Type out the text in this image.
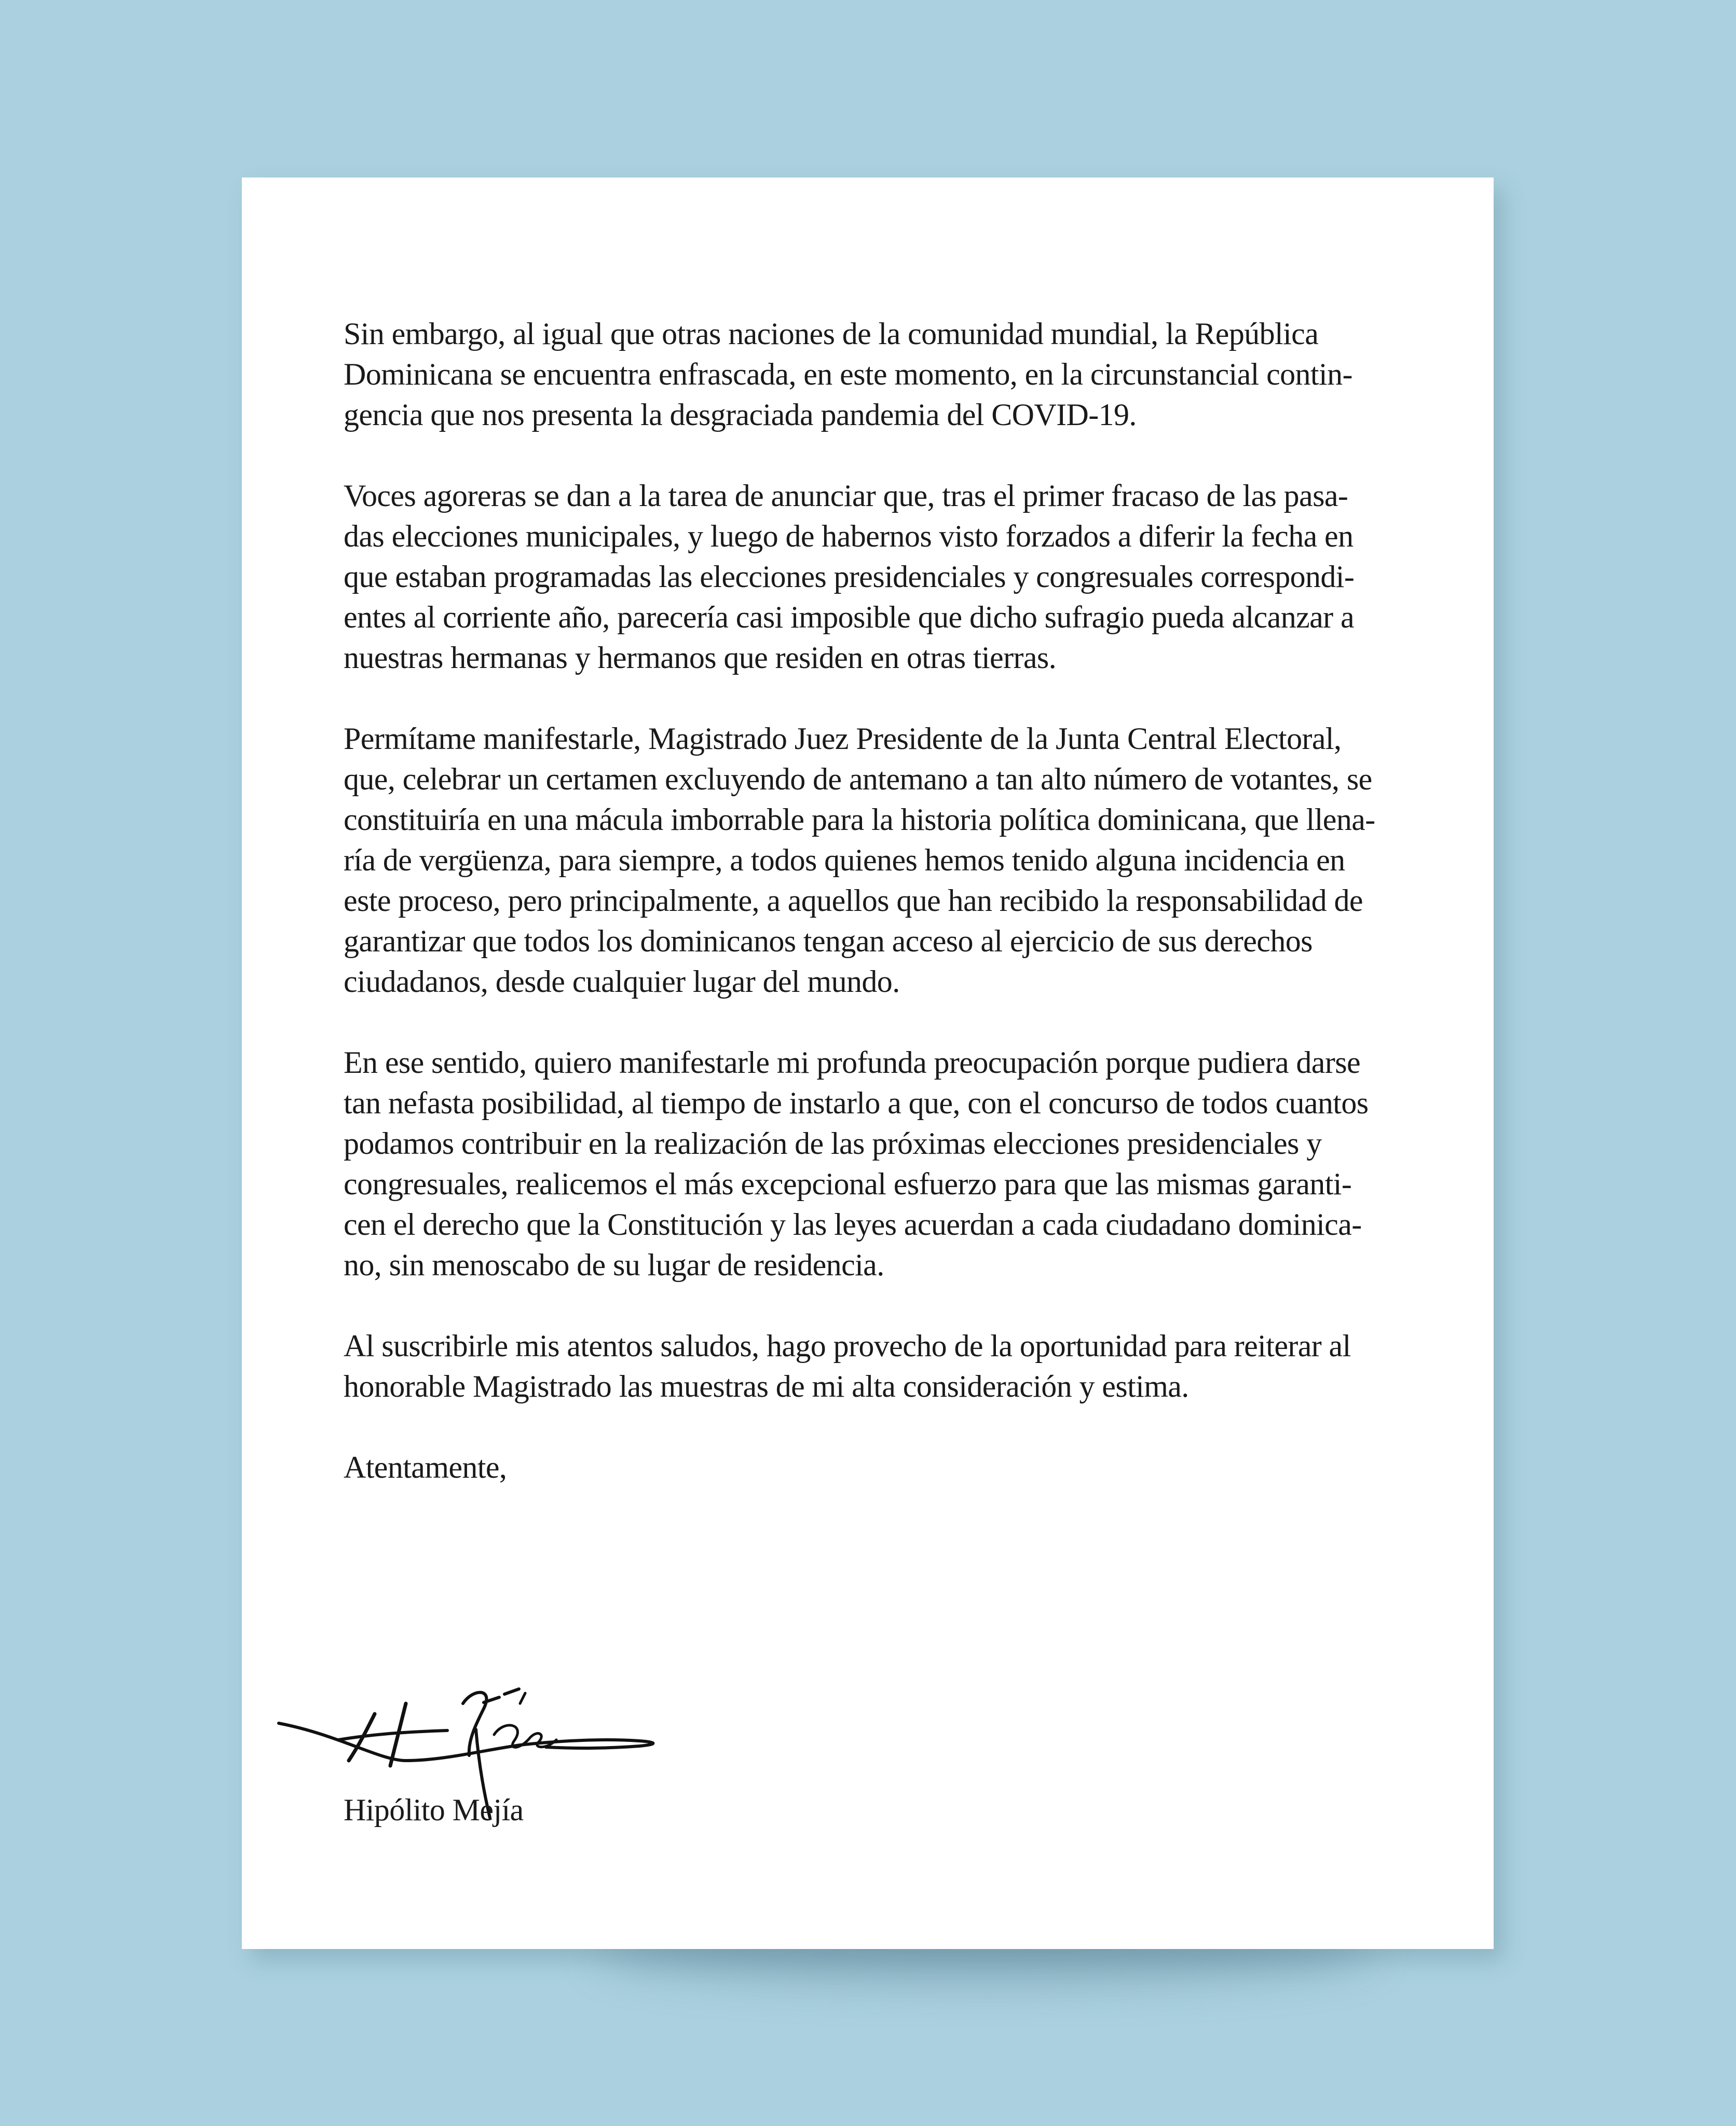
Sin embargo, al igual que otras naciones de la comunidad mundial, la República
Dominicana se encuentra enfrascada, en este momento, en la circunstancial contin-
gencia que nos presenta la desgraciada pandemia del COVID-19.

Voces agoreras se dan a la tarea de anunciar que, tras el primer fracaso de las pasa-
das elecciones municipales, y luego de habernos visto forzados a diferir la fecha en
que estaban programadas las elecciones presidenciales y congresuales correspondi-
entes al corriente año, parecería casi imposible que dicho sufragio pueda alcanzar a
nuestras hermanas y hermanos que residen en otras tierras.

Permítame manifestarle, Magistrado Juez Presidente de la Junta Central Electoral,
que, celebrar un certamen excluyendo de antemano a tan alto número de votantes, se
constituiría en una mácula imborrable para la historia política dominicana, que llena-
ría de vergüenza, para siempre, a todos quienes hemos tenido alguna incidencia en
este proceso, pero principalmente, a aquellos que han recibido la responsabilidad de
garantizar que todos los dominicanos tengan acceso al ejercicio de sus derechos
ciudadanos, desde cualquier lugar del mundo.

En ese sentido, quiero manifestarle mi profunda preocupación porque pudiera darse
tan nefasta posibilidad, al tiempo de instarlo a que, con el concurso de todos cuantos
podamos contribuir en la realización de las próximas elecciones presidenciales y
congresuales, realicemos el más excepcional esfuerzo para que las mismas garanti-
cen el derecho que la Constitución y las leyes acuerdan a cada ciudadano dominica-
no, sin menoscabo de su lugar de residencia.

Al suscribirle mis atentos saludos, hago provecho de la oportunidad para reiterar al
honorable Magistrado las muestras de mi alta consideración y estima.

Atentamente,

Hipólito Mejía
